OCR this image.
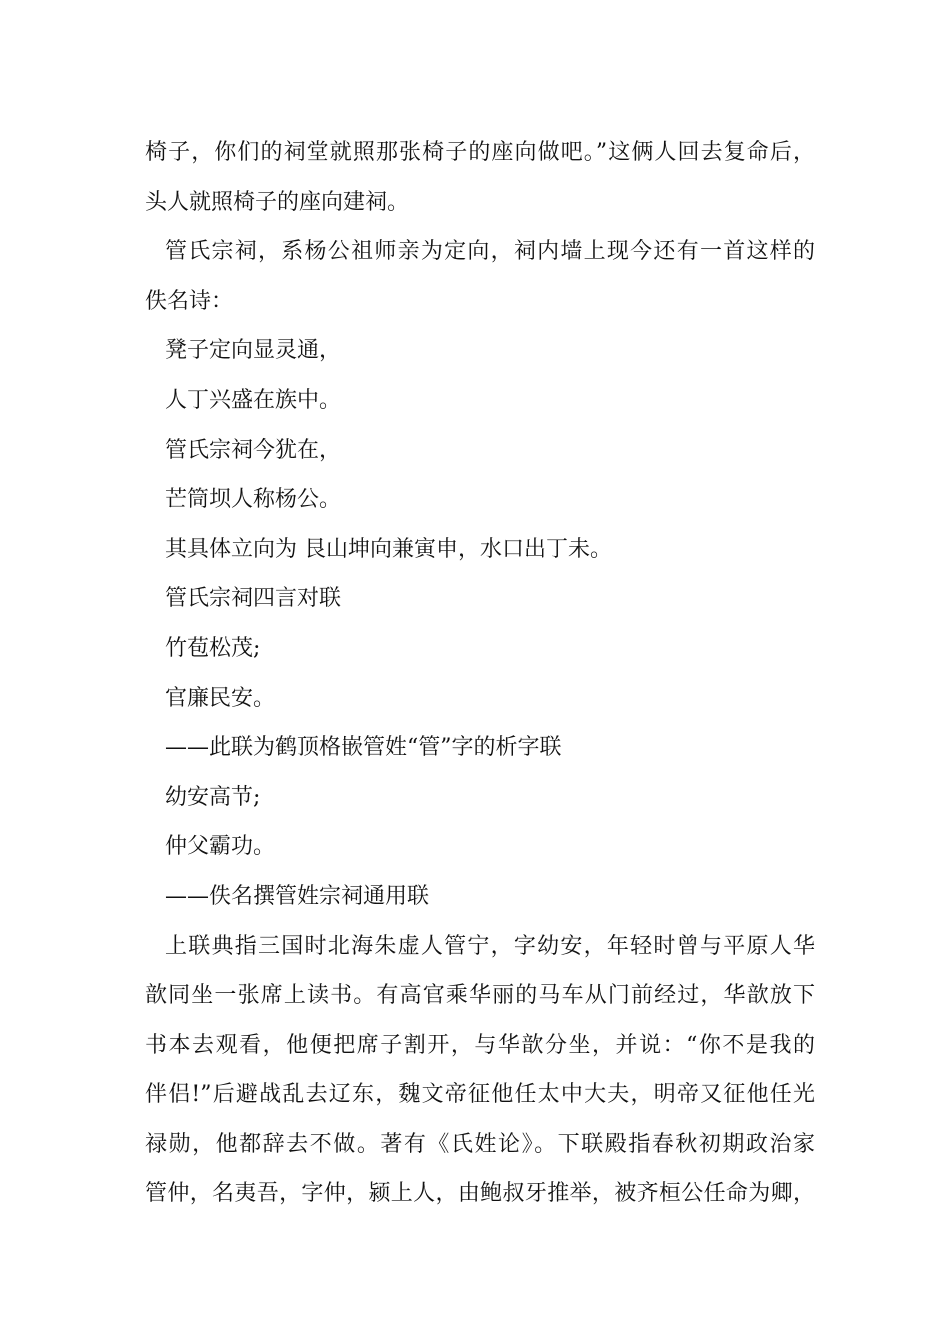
椅子，你们的祠堂就照那张椅子的座向做吧。”这俩人回去复命后，
头人就照椅子的座向建祠。
管氏宗祠，系杨公祖师亲为定向，祠内墙上现今还有一首这样的
佚名诗：
凳子定向显灵通，
人丁兴盛在族中。
管氏宗祠今犹在，
芒筒坝人称杨公。
其具体立向为 艮山坤向兼寅申，水口出丁未。
管氏宗祠四言对联
竹苞松茂;
官廉民安。
——此联为鹤顶格嵌管姓“管”字的析字联
幼安高节;
仲父霸功。
——佚名撰管姓宗祠通用联
上联典指三国时北海朱虚人管宁，字幼安，年轻时曾与平原人华
歆同坐一张席上读书。有高官乘华丽的马车从门前经过，华歆放下
书本去观看，他便把席子割开，与华歆分坐，并说：“你不是我的
伴侣!”后避战乱去辽东，魏文帝征他任太中大夫，明帝又征他任光
禄勋，他都辞去不做。著有《氏姓论》。下联殿指春秋初期政治家
管仲，名夷吾，字仲，颍上人，由鲍叔牙推举，被齐桓公任命为卿，
